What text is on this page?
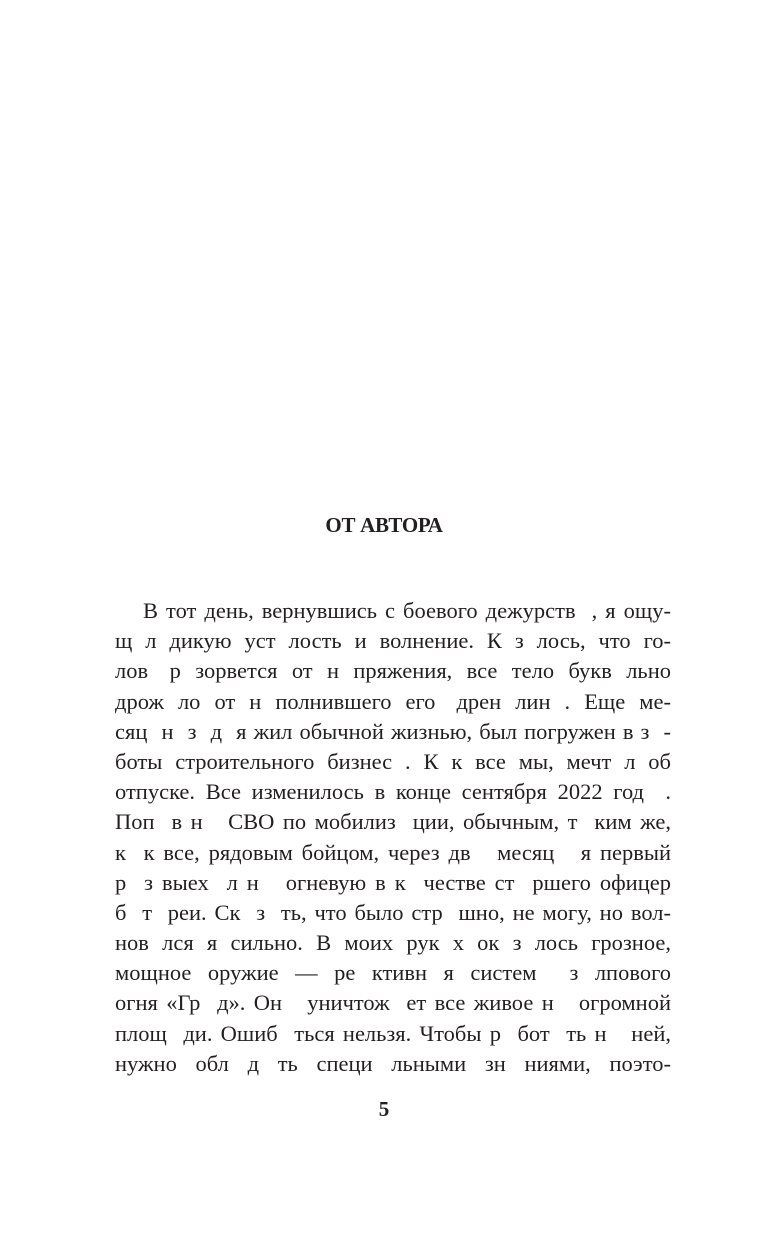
ОТ АВТОРА
В тот день, вернувшись с боевого дежурств  , я ощу-
щ  л  дикую  уст  лость  и  волнение.  К  з  лось,  что  го-
лов   р  зорвется  от  н  пряжения,  все  тело  букв  льно
дрож  ло  от  н  полнившего  его   дрен  лин  .  Еще  ме-
сяц  н  з  д  я жил обычной жизнью, был погружен в з  -
боты  строительного  бизнес  .  К  к  все  мы,  мечт  л  об
отпуске. Все изменилось в конце сентября 2022 год  .
Поп  в н   СВО по мобилиз  ции, обычным, т  ким же,
к  к все, рядовым бойцом, через дв   месяц   я первый
р  з выех  л н   огневую в к  честве ст  ршего офицер
б  т  реи. Ск  з  ть, что было стр  шно, не могу, но вол-
нов  лся  я  сильно.  В  моих  рук  х  ок  з  лось  грозное,
мощное  оружие  —  ре  ктивн  я  систем    з  лпового
огня «Гр  д». Он   уничтож  ет все живое н   огромной
площ  ди. Ошиб  ться нельзя. Чтобы р  бот  ть н   ней,
нужно  обл  д  ть  специ  льными  зн  ниями,  поэто-
5
